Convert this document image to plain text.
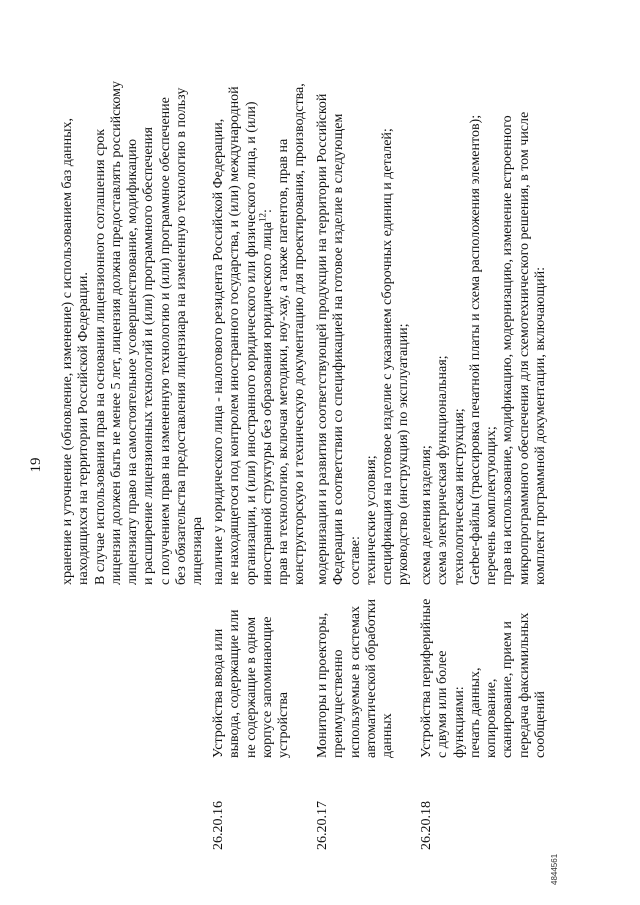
19 хранение и уточнение (обновление, изменение) с использованием баз данных, находящихся на территории Российской Федерации. В случае использования прав на основании лицензионного соглашения срок лицензии должен быть не менее 5 лет, лицензия должна предоставлять российскому лицензиату право на самостоятельное усовершенствование, модификацию и расширение лицензионных технологий и (или) программного обеспечения с получением прав на измененную технологию и (или) программное обеспечение без обязательства предоставления лицензиара на измененную технологию в пользу лицензиара
26.20.16
Устройства ввода или вывода, содержащие или не содержащие в одном корпусе запоминающие устройства
наличие у юридического лица - налогового резидента Российской Федерации, не находящегося под контролем иностранного государства, и (или) международной организации, и (или) иностранного юридического или физического лица, и (или) иностранной структуры без образования юридического лица$^{12}$: прав на технологию, включая методики, ноу-хау, а также патентов, прав на конструкторскую и техническую документацию для проектирования, производства,
26.20.17
Мониторы и проекторы, преимущественно используемые в системах автоматической обработки данных
модернизации и развития соответствующей продукции на территории Российской Федерации в соответствии со спецификацией на готовое изделие в следующем составе: технические условия; спецификация на готовое изделие с указанием сборочных единиц и деталей; руководство (инструкция) по эксплуатации;
26.20.18
Устройства периферийные с двумя или более функциями: печать данных, копирование, сканирование, прием и передача факсимильных сообщений
схема деления изделия; схема электрическая функциональная; технологическая инструкция; Gerber-файлы (трассировка печатной платы и схема расположения элементов); перечень комплектующих; прав на использование, модификацию, модернизацию, изменение встроенного микропрограммного обеспечения для схемотехнического решения, в том числе комплект программной документации, включающий:
4844561
